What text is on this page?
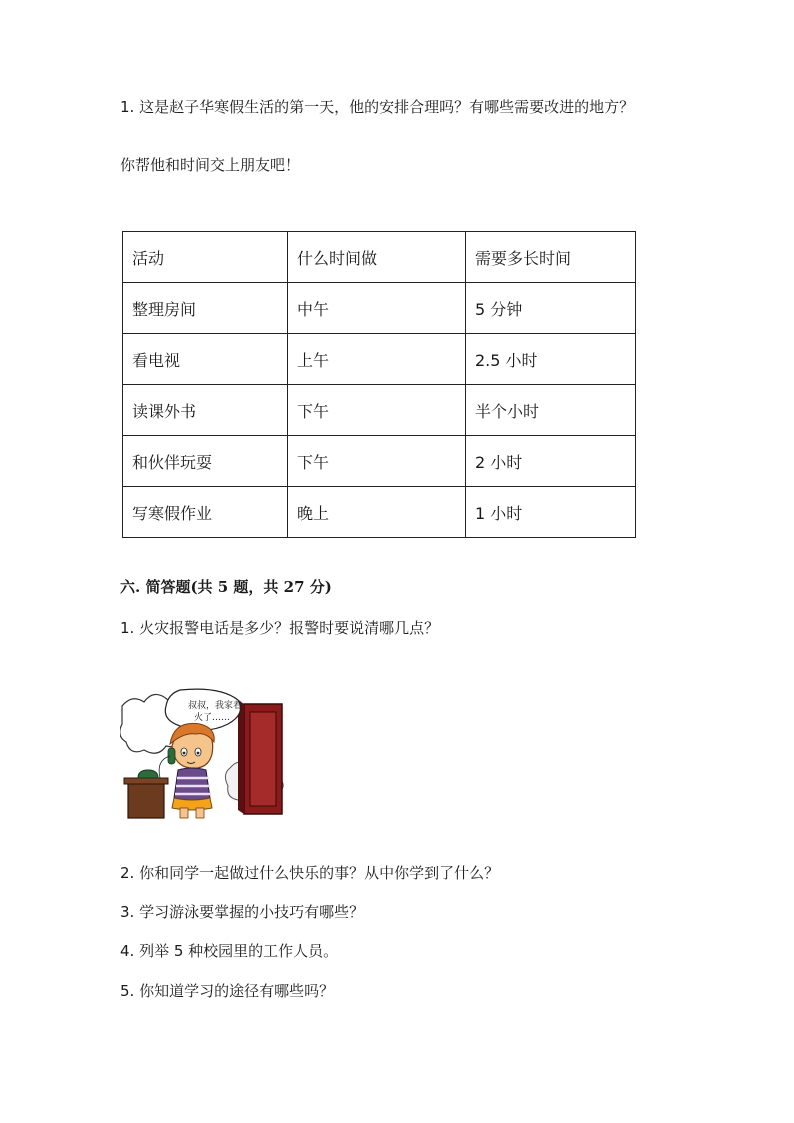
1. 这是赵子华寒假生活的第一天，他的安排合理吗？有哪些需要改进的地方？
你帮他和时间交上朋友吧！
活动	什么时间做	需要多长时间
整理房间	中午	5 分钟
看电视	上午	2.5 小时
读课外书	下午	半个小时
和伙伴玩耍	下午	2 小时
写寒假作业	晚上	1 小时
六. 简答题(共 5 题，共 27 分)
1. 火灾报警电话是多少？报警时要说清哪几点？
叔叔，我家着
火了……
2. 你和同学一起做过什么快乐的事？从中你学到了什么？
3. 学习游泳要掌握的小技巧有哪些？
4. 列举 5 种校园里的工作人员。
5. 你知道学习的途径有哪些吗？
